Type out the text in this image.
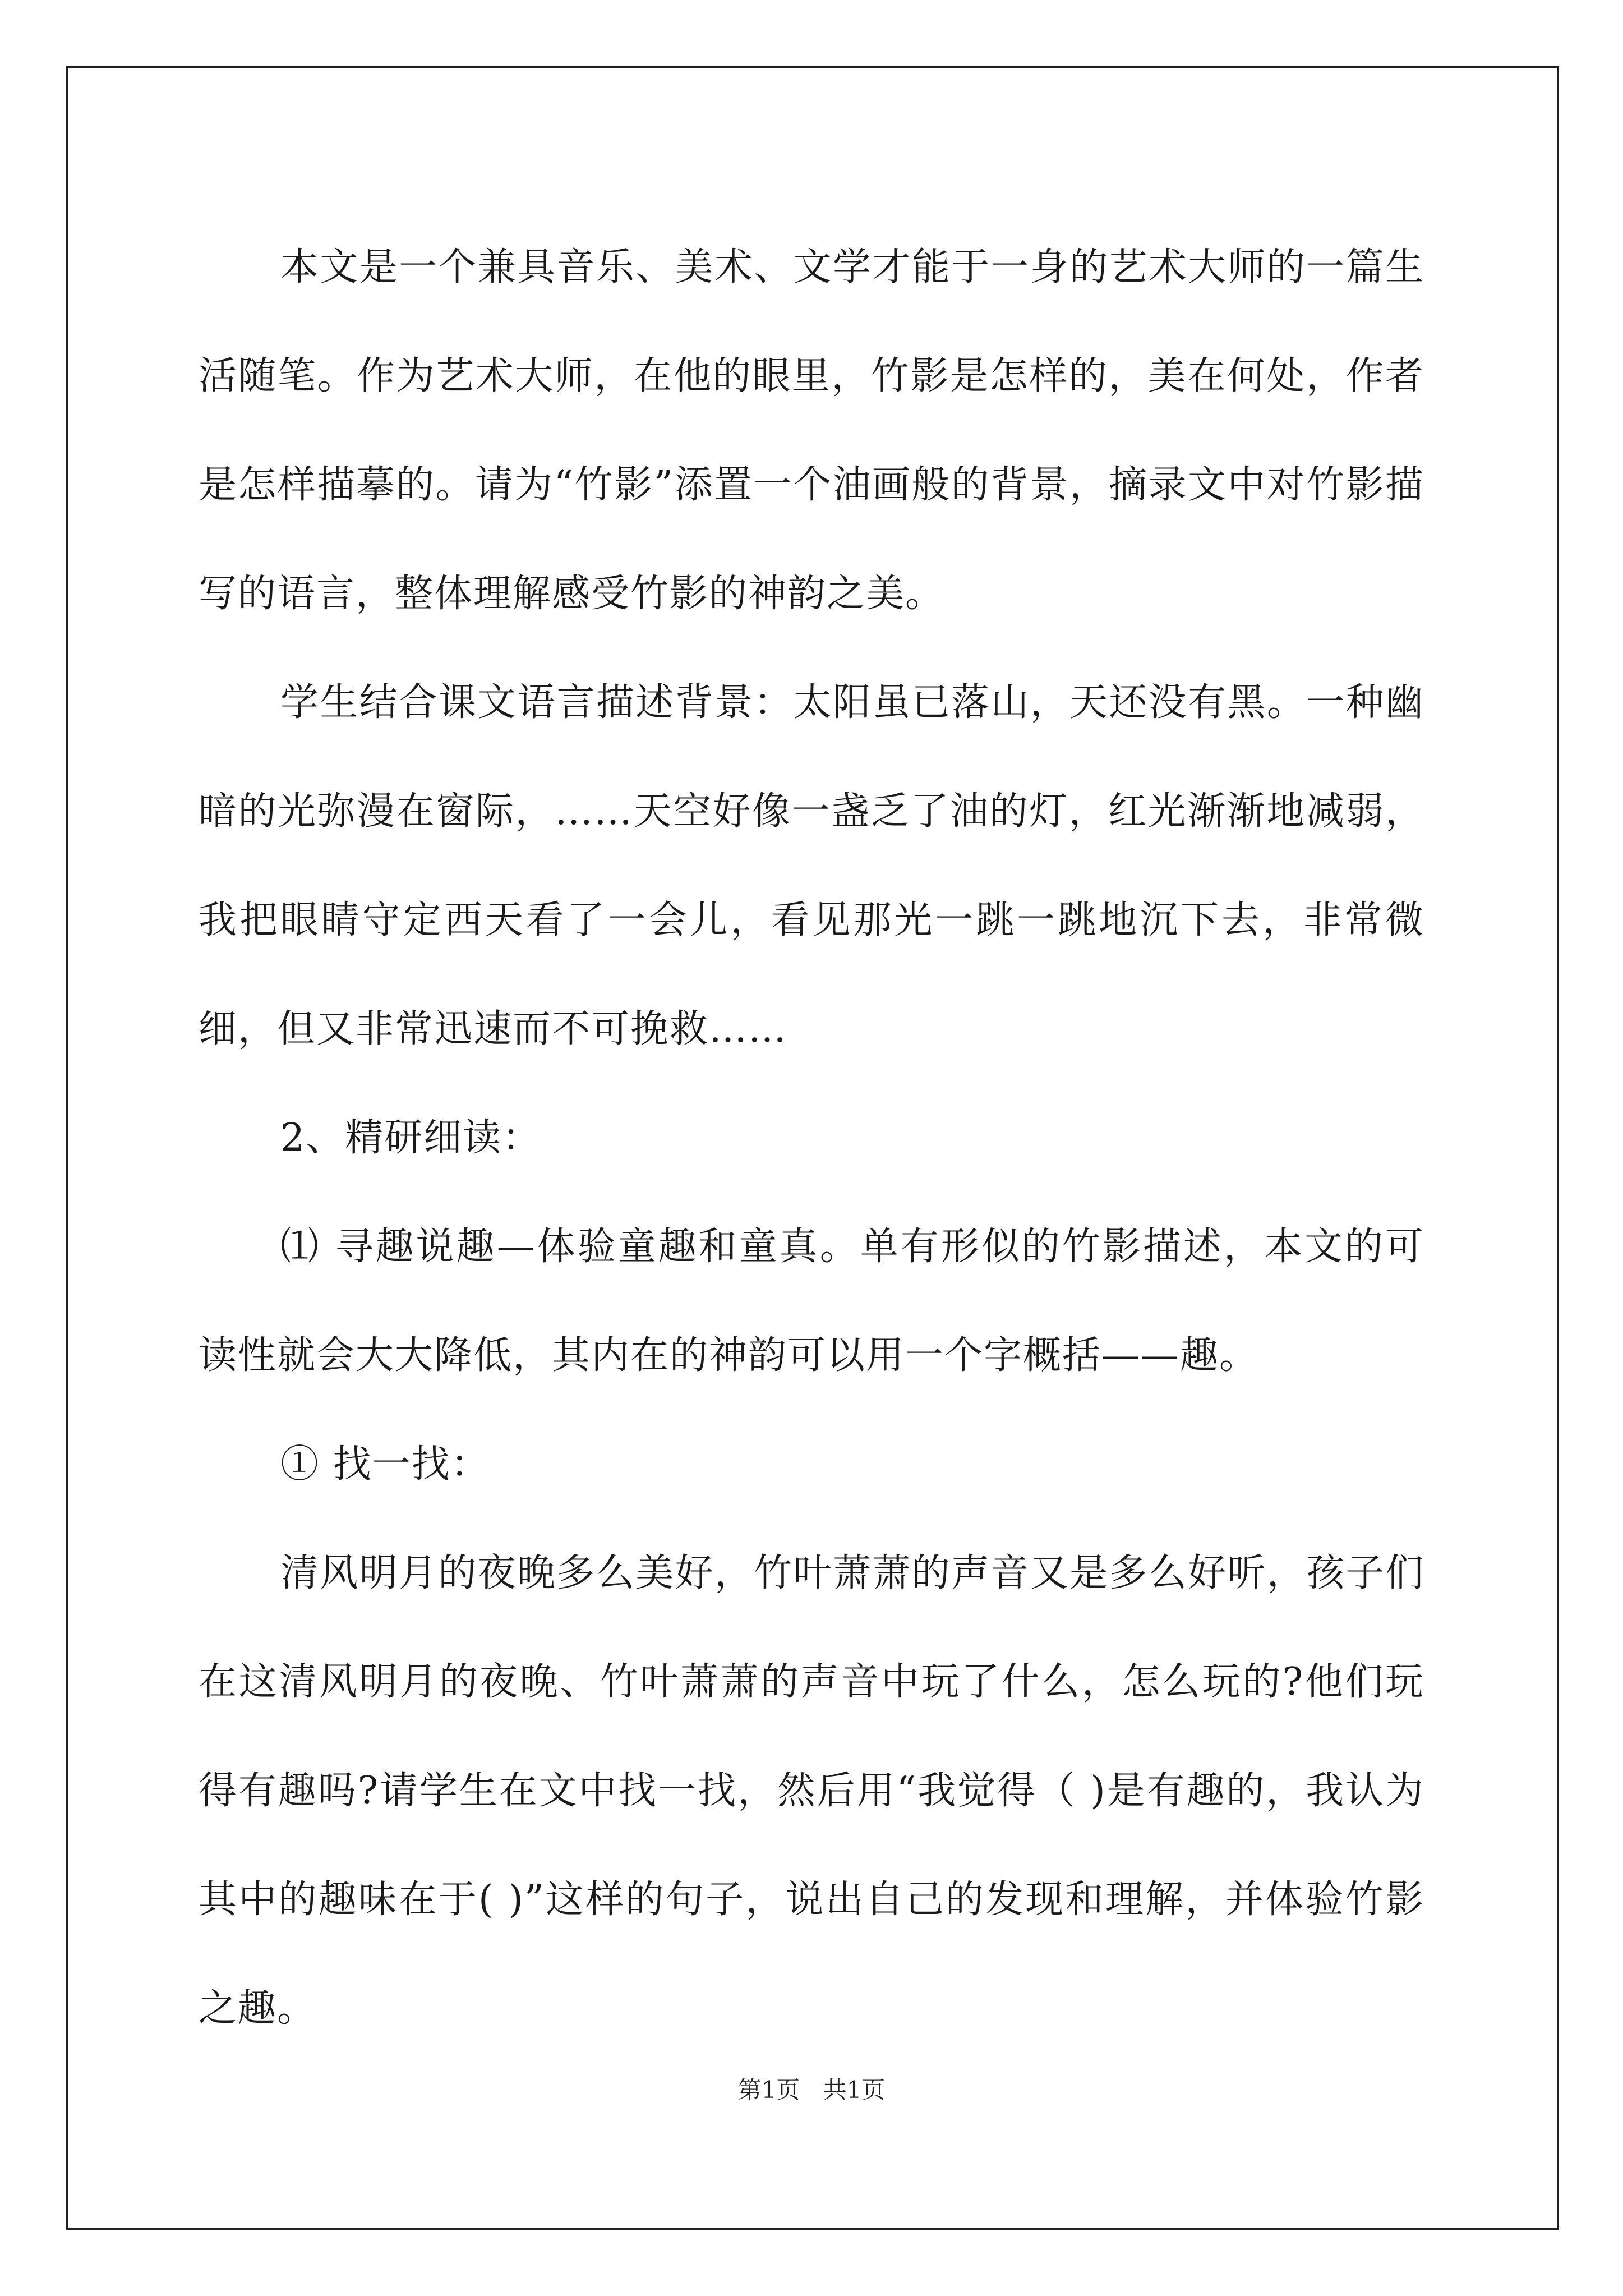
本文是一个兼具音乐、美术、文学才能于一身的艺术大师的一篇生活随笔。作为艺术大师，在他的眼里，竹影是怎样的，美在何处，作者是怎样描摹的。请为“竹影”添置一个油画般的背景，摘录文中对竹影描写的语言，整体理解感受竹影的神韵之美。

学生结合课文语言描述背景：太阳虽已落山，天还没有黑。一种幽暗的光弥漫在窗际，……天空好像一盏乏了油的灯，红光渐渐地减弱，我把眼睛守定西天看了一会儿，看见那光一跳一跳地沉下去，非常微细，但又非常迅速而不可挽救……

2、精研细读：

⑴ 寻趣说趣—体验童趣和童真。单有形似的竹影描述，本文的可读性就会大大降低，其内在的神韵可以用一个字概括——趣。

① 找一找：

清风明月的夜晚多么美好，竹叶萧萧的声音又是多么好听，孩子们在这清风明月的夜晚、竹叶萧萧的声音中玩了什么，怎么玩的?他们玩得有趣吗?请学生在文中找一找，然后用“我觉得（ )是有趣的，我认为其中的趣味在于( )”这样的句子，说出自己的发现和理解，并体验竹影之趣。

第1页 共1页
